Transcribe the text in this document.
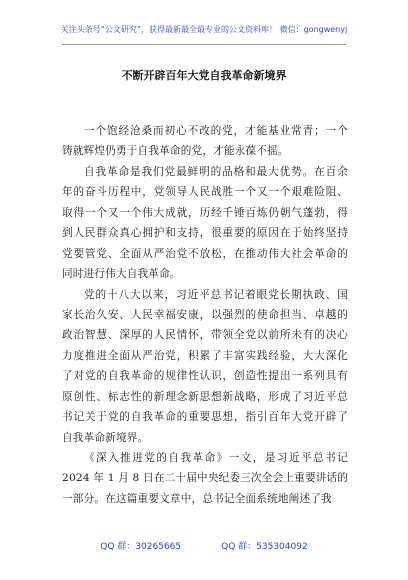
关注头条号“公文研究”，获得最新最全最专业的公文资料库！ 微信：gongwenyj
不断开辟百年大党自我革命新境界
一个饱经沧桑而初心不改的党，才能基业常青；一个
铸就辉煌仍勇于自我革命的党，才能永葆不摇。
自我革命是我们党最鲜明的品格和最大优势。在百余
年的奋斗历程中，党领导人民战胜一个又一个艰难险阻、
取得一个又一个伟大成就，历经千锤百炼仍朝气蓬勃，得
到人民群众真心拥护和支持，很重要的原因在于始终坚持
党要管党、全面从严治党不放松，在推动伟大社会革命的
同时进行伟大自我革命。
党的十八大以来，习近平总书记着眼党长期执政、国
家长治久安、人民幸福安康，以强烈的使命担当、卓越的
政治智慧、深厚的人民情怀，带领全党以前所未有的决心
力度推进全面从严治党，积累了丰富实践经验，大大深化
了对党的自我革命的规律性认识，创造性提出一系列具有
原创性、标志性的新理念新思想新战略，形成了习近平总
书记关于党的自我革命的重要思想，指引百年大党开辟了
自我革命新境界。
《深入推进党的自我革命》一文，是习近平总书记
2024 年 1 月 8 日在二十届中央纪委三次全会上重要讲话的
一部分。在这篇重要文章中，总书记全面系统地阐述了我
QQ 群：30265665	QQ 群：535304092
